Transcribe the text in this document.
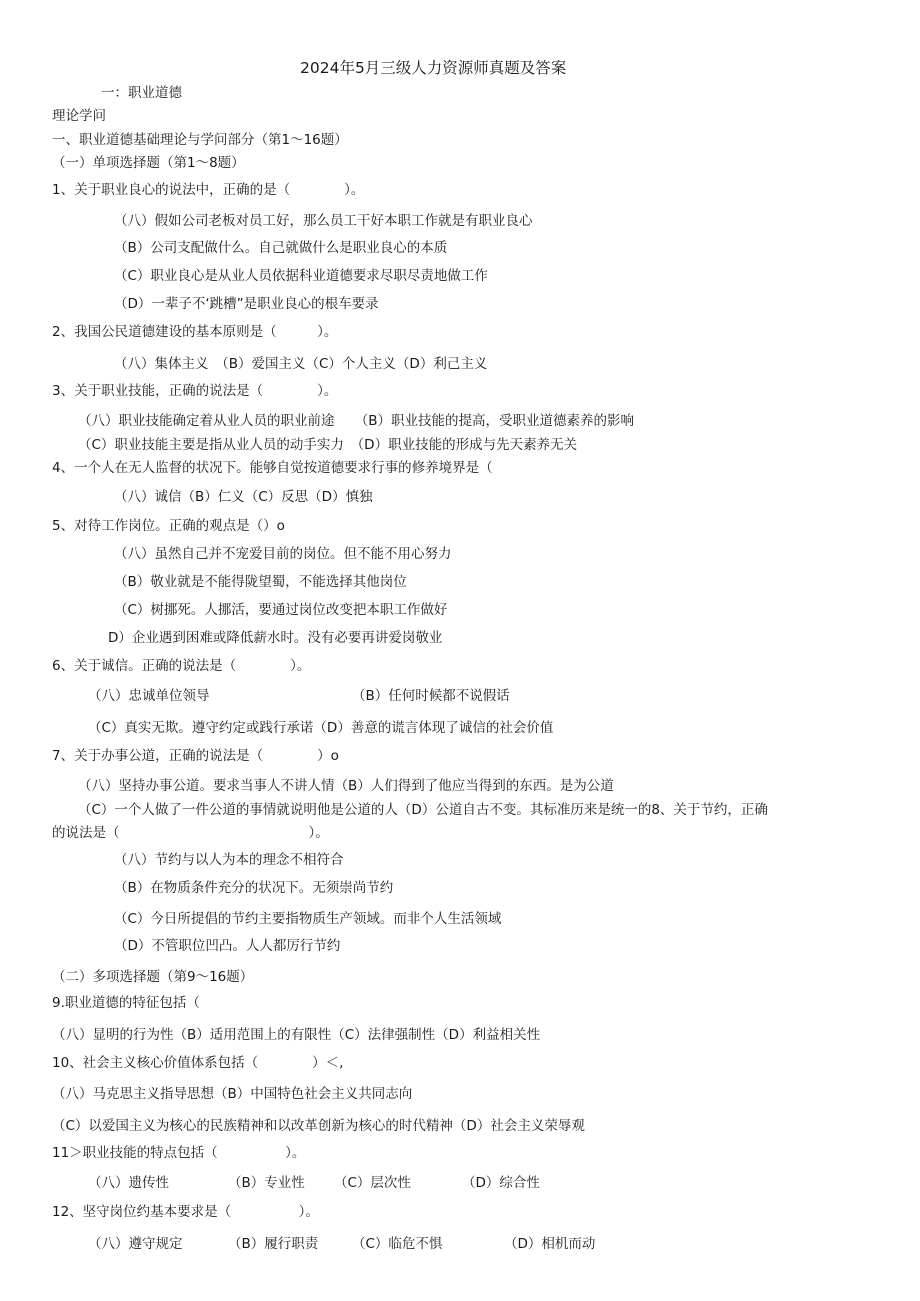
2024年5月三级人力资源师真题及答案
一：职业道德
理论学问
一、职业道德基础理论与学问部分（第1～16题）
（一）单项选择题（第1～8题）
1、关于职业良心的说法中，正确的是（　　　　）。
（八）假如公司老板对员工好，那么员工干好本职工作就是有职业良心
（B）公司支配做什么。自己就做什么是职业良心的本质
（C）职业良心是从业人员依据科业道德要求尽职尽责地做工作
（D）一辈子不‘跳槽”是职业良心的根车要录
2、我国公民道德建设的基本原则是（　　　）。
（八）集体主义　（B）爱国主义（C）个人主义（D）利己主义
3、关于职业技能，正确的说法是（　　　　）。
（八）职业技能确定着从业人员的职业前途　　（B）职业技能的提高，受职业道德素养的影响
（C）职业技能主要是指从业人员的动手实力　（D）职业技能的形成与先天素养无关
4、一个人在无人监督的状况下。能够自觉按道德要求行事的修养境界是（
（八）诚信（B）仁义（C）反思（D）慎独
5、对待工作岗位。正确的观点是（）o
（八）虽然自己并不宠爱目前的岗位。但不能不用心努力
（B）敬业就是不能得陇望蜀，不能选择其他岗位
（C）树挪死。人挪活，要通过岗位改变把本职工作做好
D）企业遇到困难或降低薪水时。没有必要再讲爱岗敬业
6、关于诚信。正确的说法是（　　　　）。
（八）忠诚单位领导	（B）任何时候都不说假话
（C）真实无欺。遵守约定或践行承诺（D）善意的谎言体现了诚信的社会价值
7、关于办事公道，正确的说法是（　　　　）o
（八）坚持办事公道。要求当事人不讲人情（B）人们得到了他应当得到的东西。是为公道
（C）一个人做了一件公道的事情就说明他是公道的人（D）公道自古不变。其标准历来是统一的8、关于节约，正确
的说法是（　　　　　　　　　　　　　　）。
（八）节约与以人为本的理念不相符合
（B）在物质条件充分的状况下。无须崇尚节约
（C）今日所提倡的节约主要指物质生产领域。而非个人生活领域
（D）不管职位凹凸。人人都厉行节约
（二）多项选择题（第9～16题）
9.职业道德的特征包括（
（八）显明的行为性（B）适用范围上的有限性（C）法律强制性（D）利益相关性
10、社会主义核心价值体系包括（　　　　）＜,
（八）马克思主义指导思想（B）中国特色社会主义共同志向
（C）以爱国主义为核心的民族精神和以改革创新为核心的时代精神（D）社会主义荣辱观
11＞职业技能的特点包括（　　　　　）。
（八）遗传性	（B）专业性 （C）层次性	（D）综合性
12、坚守岗位约基本要求是（　　　　　）。
（八）遵守规定	（B）履行职责 （C）临危不惧	（D）相机而动
